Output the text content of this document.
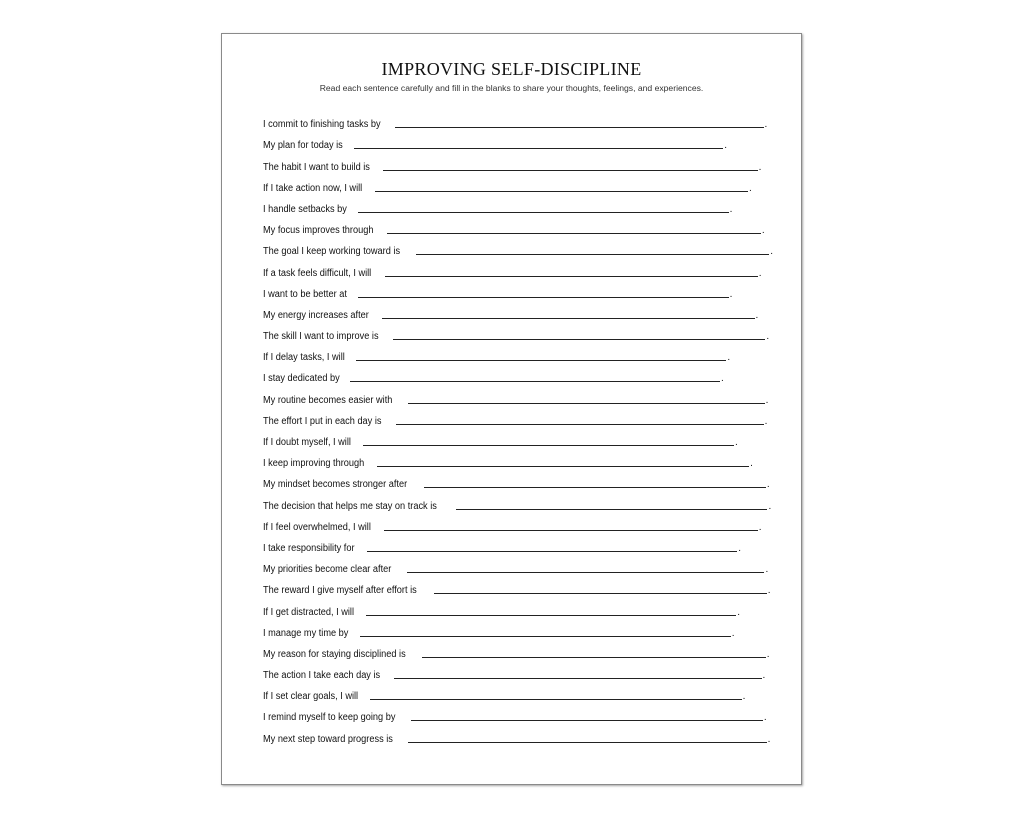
IMPROVING SELF-DISCIPLINE
Read each sentence carefully and fill in the blanks to share your thoughts, feelings, and experiences.
I commit to finishing tasks by	.
My plan for today is	.
The habit I want to build is	.
If I take action now, I will	.
I handle setbacks by	.
My focus improves through	.
The goal I keep working toward is	.
If a task feels difficult, I will	.
I want to be better at	.
My energy increases after	.
The skill I want to improve is	.
If I delay tasks, I will	.
I stay dedicated by	.
My routine becomes easier with	.
The effort I put in each day is	.
If I doubt myself, I will	.
I keep improving through	.
My mindset becomes stronger after	.
The decision that helps me stay on track is	.
If I feel overwhelmed, I will	.
I take responsibility for	.
My priorities become clear after	.
The reward I give myself after effort is	.
If I get distracted, I will	.
I manage my time by	.
My reason for staying disciplined is	.
The action I take each day is	.
If I set clear goals, I will	.
I remind myself to keep going by	.
My next step toward progress is	.
